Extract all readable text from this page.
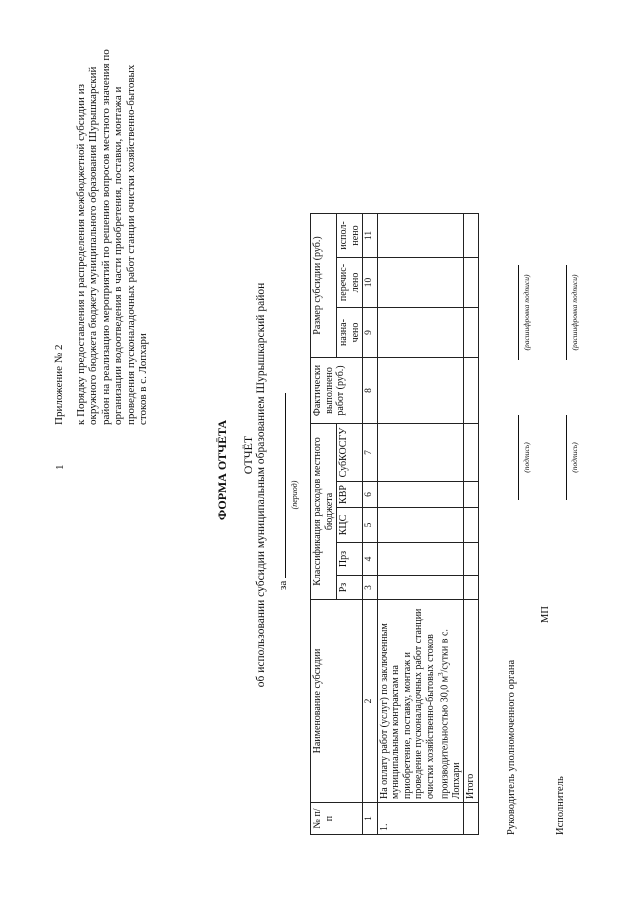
1

Приложение № 2 к Порядку предоставления и распределения межбюджетной субсидии из окружного бюджета бюджету муниципального образования Шурышкарский район на реализацию мероприятий по решению вопросов местного значения по организации водоотведения в части приобретения, поставки, монтажа и проведения пусконаладочных работ станции очистки хозяйственно-бытовых стоков в с. Лопхари

ФОРМА ОТЧЁТА ОТЧЁТ об использовании субсидии муниципальным образованием Шурышкарский район за
(период)
№ п/п	Наименование субсидии	Классификация расходов местного бюджета					Фактически выполнено работ (руб.)	Размер субсидии (руб.)		
		Рз	Прз	КЦС	КВР	СубКОСГУ		назна-чено	перечис-лено	испол-нено
1	2	3	4	5	6	7	8	9	10	11
1.	На оплату работ (услуг) по заключенным муниципальным контрактам на приобретение, поставку, монтаж и проведение пусконаладочных работ станции очистки хозяйственно-бытовых стоков производительностью 30,0 $м^3$/сутки в с. Лопхари									
	Итого										Руководитель уполномоченного органа
(подпись)
(расшифровка подписи)
МП
Исполнитель
(подпись)
(расшифровка подписи)
